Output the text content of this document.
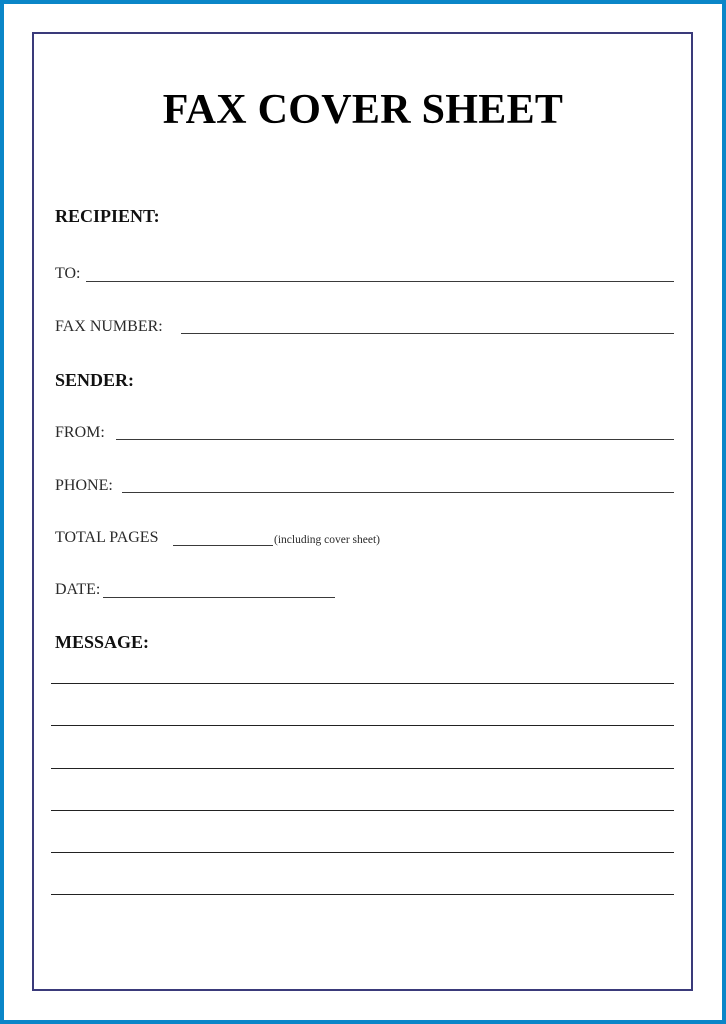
FAX COVER SHEET
RECIPIENT:
TO:
FAX NUMBER:
SENDER:
FROM:
PHONE:
TOTAL PAGES	(including cover sheet)
DATE:
MESSAGE:
